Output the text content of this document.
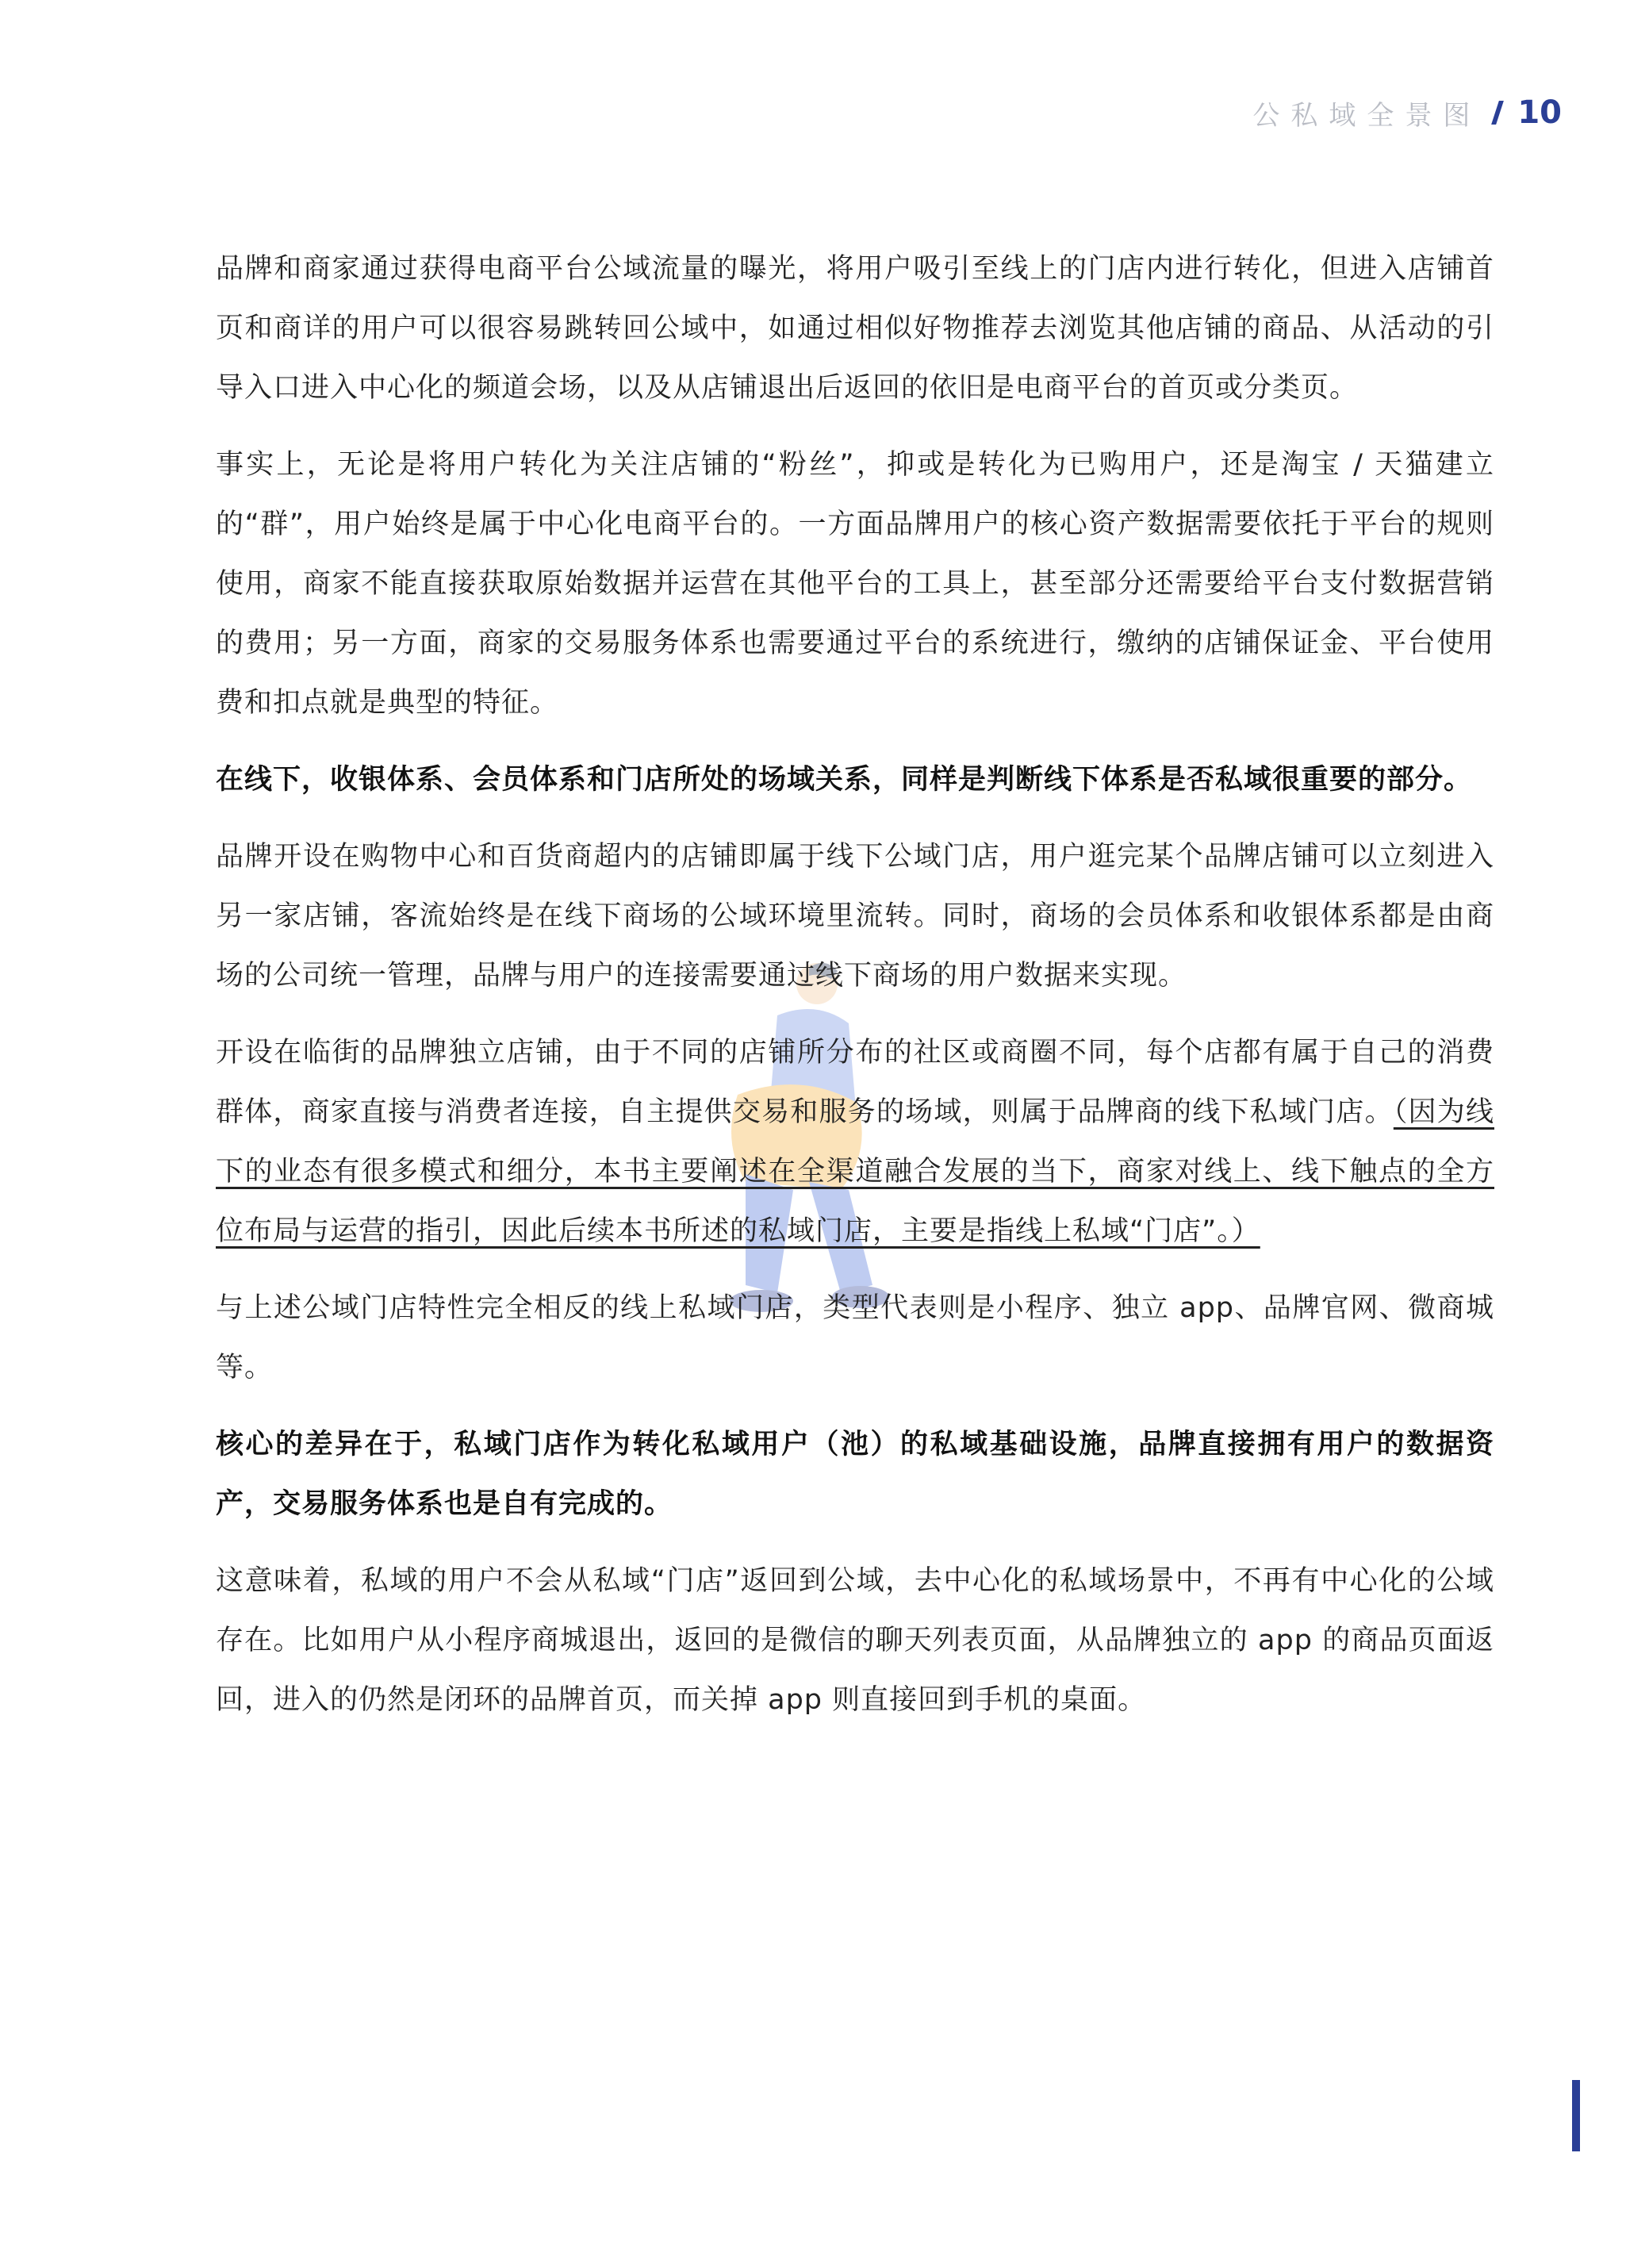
公私域全景图 10

品牌和商家通过获得电商平台公域流量的曝光，将用户吸引至线上的门店内进行转化，但进入店铺首页和商详的用户可以很容易跳转回公域中，如通过相似好物推荐去浏览其他店铺的商品、从活动的引导入口进入中心化的频道会场，以及从店铺退出后返回的依旧是电商平台的首页或分类页。

事实上，无论是将用户转化为关注店铺的“粉丝”，抑或是转化为已购用户，还是淘宝 / 天猫建立的“群”，用户始终是属于中心化电商平台的。一方面品牌用户的核心资产数据需要依托于平台的规则使用，商家不能直接获取原始数据并运营在其他平台的工具上，甚至部分还需要给平台支付数据营销的费用；另一方面，商家的交易服务体系也需要通过平台的系统进行，缴纳的店铺保证金、平台使用费和扣点就是典型的特征。

在线下，收银体系、会员体系和门店所处的场域关系，同样是判断线下体系是否私域很重要的部分。

品牌开设在购物中心和百货商超内的店铺即属于线下公域门店，用户逛完某个品牌店铺可以立刻进入另一家店铺，客流始终是在线下商场的公域环境里流转。同时，商场的会员体系和收银体系都是由商场的公司统一管理，品牌与用户的连接需要通过线下商场的用户数据来实现。

开设在临街的品牌独立店铺，由于不同的店铺所分布的社区或商圈不同，每个店都有属于自己的消费群体，商家直接与消费者连接，自主提供交易和服务的场域，则属于品牌商的线下私域门店。（因为线下的业态有很多模式和细分，本书主要阐述在全渠道融合发展的当下，商家对线上、线下触点的全方位布局与运营的指引，因此后续本书所述的私域门店，主要是指线上私域“门店”。）

与上述公域门店特性完全相反的线上私域门店，类型代表则是小程序、独立 app、品牌官网、微商城等。

核心的差异在于，私域门店作为转化私域用户（池）的私域基础设施，品牌直接拥有用户的数据资产，交易服务体系也是自有完成的。

这意味着，私域的用户不会从私域“门店”返回到公域，去中心化的私域场景中，不再有中心化的公域存在。比如用户从小程序商城退出，返回的是微信的聊天列表页面，从品牌独立的 app 的商品页面返回，进入的仍然是闭环的品牌首页，而关掉 app 则直接回到手机的桌面。
